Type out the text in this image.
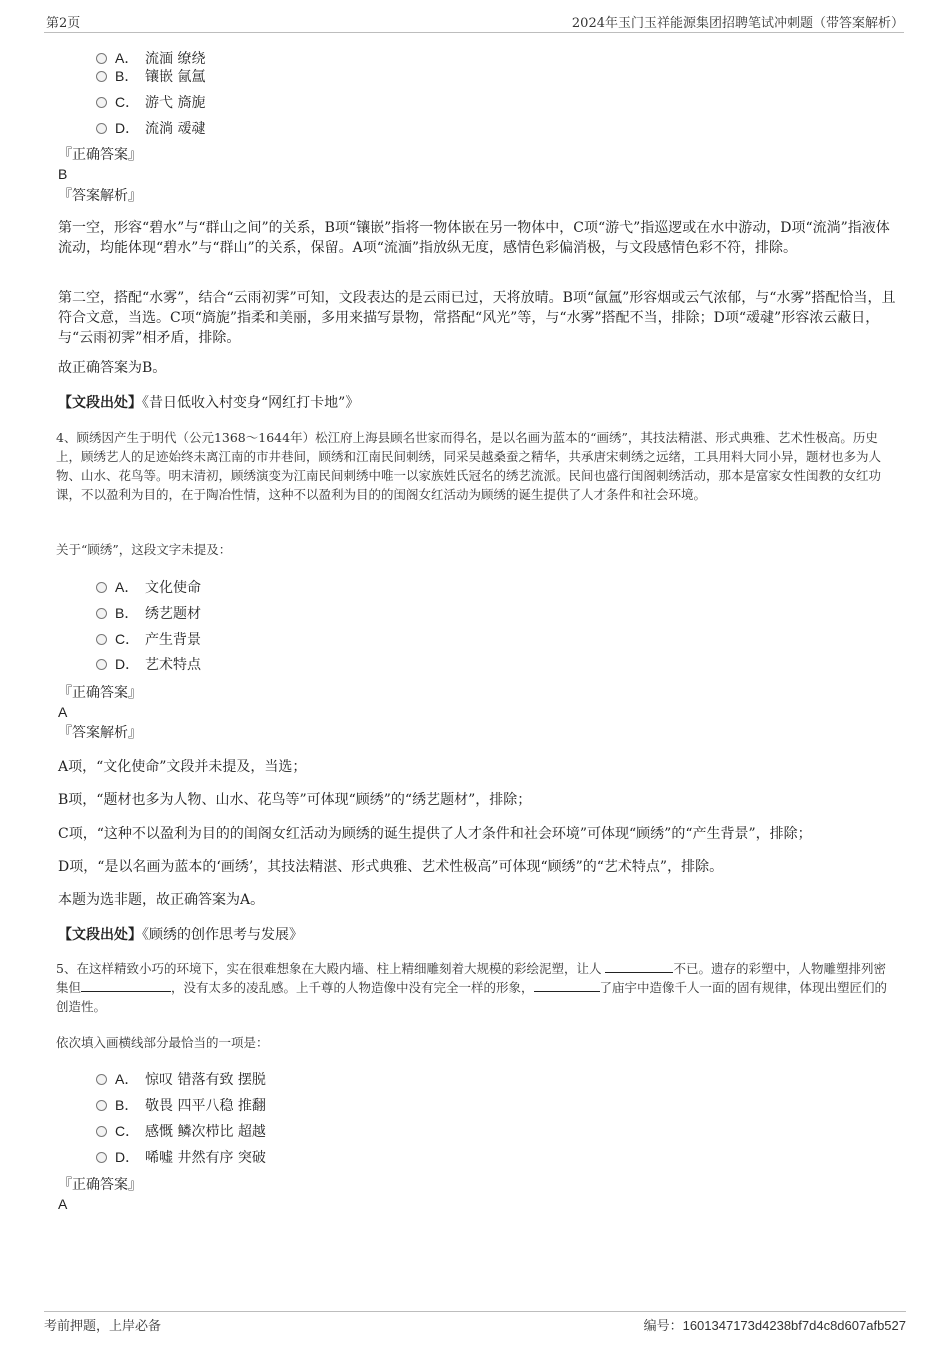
第2页	2024年玉门玉祥能源集团招聘笔试冲刺题（带答案解析）
A． 流湎 缭绕
B． 镶嵌 氤氲
C． 游弋 旖旎
D． 流淌 叆叇
『正确答案』
B
『答案解析』
第一空，形容“碧水”与“群山之间”的关系，B项“镶嵌”指将一物体嵌在另一物体中，C项“游弋”指巡逻或在水中游动，D项“流淌”指液体流动，均能体现“碧水”与“群山”的关系，保留。A项“流湎”指放纵无度，感情色彩偏消极，与文段感情色彩不符，排除。
第二空，搭配“水雾”，结合“云雨初霁”可知，文段表达的是云雨已过，天将放晴。B项“氤氲”形容烟或云气浓郁，与“水雾”搭配恰当，且符合文意，当选。C项“旖旎”指柔和美丽，多用来描写景物，常搭配“风光”等，与“水雾”搭配不当，排除；D项“叆叇”形容浓云蔽日，与“云雨初霁”相矛盾，排除。
故正确答案为B。
【文段出处】《昔日低收入村变身“网红打卡地”》
4、顾绣因产生于明代（公元1368～1644年）松江府上海县顾名世家而得名，是以名画为蓝本的“画绣”，其技法精湛、形式典雅、艺术性极高。历史上，顾绣艺人的足迹始终未离江南的市井巷间，顾绣和江南民间刺绣，同采吴越桑蚕之精华，共承唐宋刺绣之远绪，工具用料大同小异，题材也多为人物、山水、花鸟等。明末清初，顾绣演变为江南民间刺绣中唯一以家族姓氏冠名的绣艺流派。民间也盛行闺阁刺绣活动，那本是富家女性闺教的女红功课，不以盈利为目的，在于陶冶性情，这种不以盈利为目的的闺阁女红活动为顾绣的诞生提供了人才条件和社会环境。
关于“顾绣”，这段文字未提及：
A． 文化使命
B． 绣艺题材
C． 产生背景
D． 艺术特点
『正确答案』
A
『答案解析』
A项，“文化使命”文段并未提及，当选；
B项，“题材也多为人物、山水、花鸟等”可体现“顾绣”的“绣艺题材”，排除；
C项，“这种不以盈利为目的的闺阁女红活动为顾绣的诞生提供了人才条件和社会环境”可体现“顾绣”的“产生背景”，排除；
D项，“是以名画为蓝本的‘画绣’，其技法精湛、形式典雅、艺术性极高”可体现“顾绣”的“艺术特点”，排除。
本题为选非题，故正确答案为A。
【文段出处】《顾绣的创作思考与发展》
5、在这样精致小巧的环境下，实在很难想象在大殿内墙、柱上精细雕刻着大规模的彩绘泥塑，让人	不已。遗存的彩塑中，人物雕塑排列密集但	，没有太多的凌乱感。上千尊的人物造像中没有完全一样的形象，	了庙宇中造像千人一面的固有规律，体现出塑匠们的创造性。
依次填入画横线部分最恰当的一项是：
A． 惊叹 错落有致 摆脱
B． 敬畏 四平八稳 推翻
C． 感慨 鳞次栉比 超越
D． 唏嘘 井然有序 突破
『正确答案』
A
考前押题，上岸必备	编号：1601347173d4238bf7d4c8d607afb527
